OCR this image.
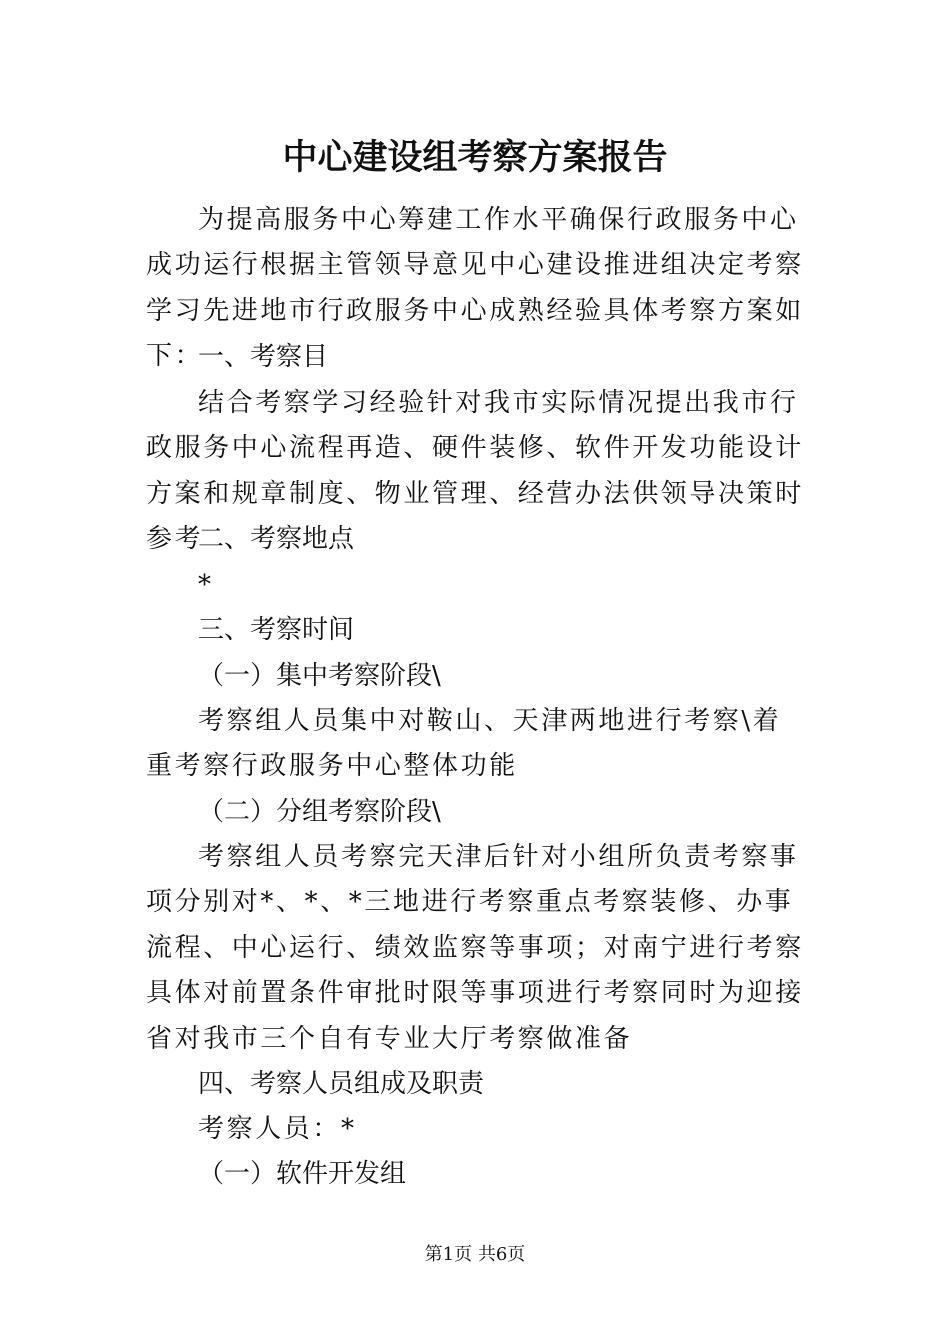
中心建设组考察方案报告

为提高服务中心筹建工作水平确保行政服务中心成功运行根据主管领导意见中心建设推进组决定考察学习先进地市行政服务中心成熟经验具体考察方案如下：

一、考察目

结合考察学习经验针对我市实际情况提出我市行政服务中心流程再造、硬件装修、软件开发功能设计方案和规章制度、物业管理、经营办法供领导决策时参考

二、考察地点

*

三、考察时间

（一）集中考察阶段\

考察组人员集中对鞍山、天津两地进行考察\着重考察行政服务中心整体功能

（二）分组考察阶段\

考察组人员考察完天津后针对小组所负责考察事项分别对*、*、*三地进行考察重点考察装修、办事流程、中心运行、绩效监察等事项；对南宁进行考察具体对前置条件审批时限等事项进行考察同时为迎接省对我市三个自有专业大厅考察做准备

四、考察人员组成及职责

考察人员：*

（一）软件开发组

第1页 共6页
